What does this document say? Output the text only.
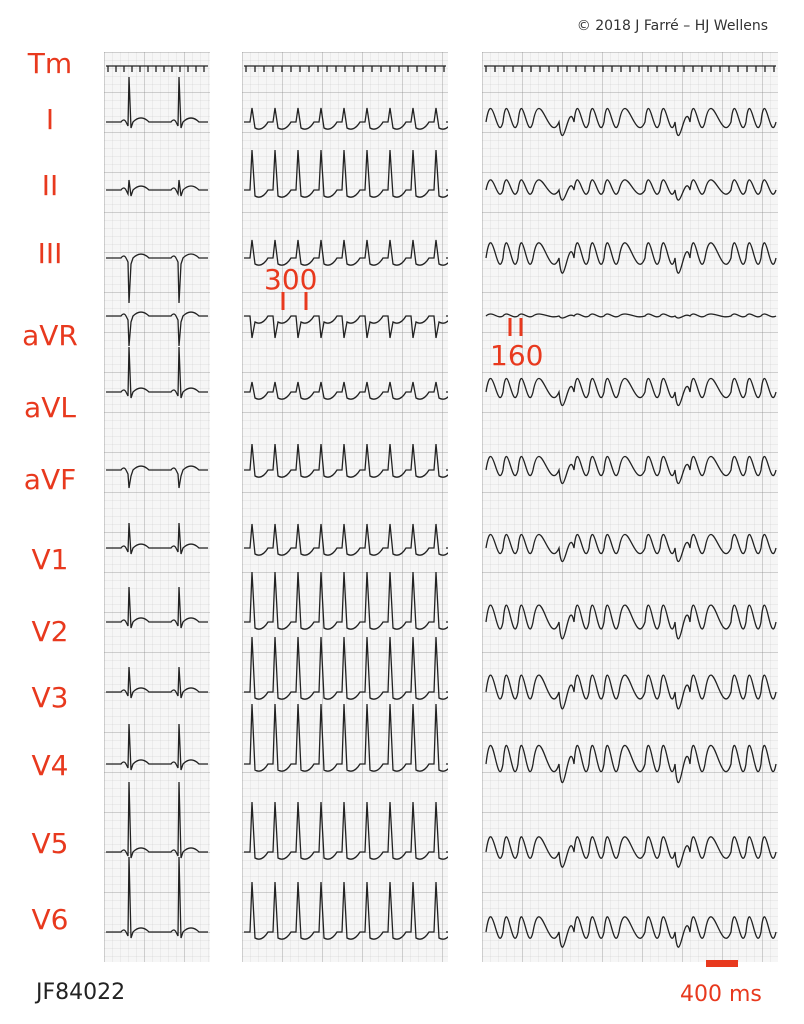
© 2018 J Farré – HJ Wellens
Tm
I
II
III
aVR
aVL
aVF
V1
V2
V3
V4
V5
V6
300
160
JF84022	400 ms
